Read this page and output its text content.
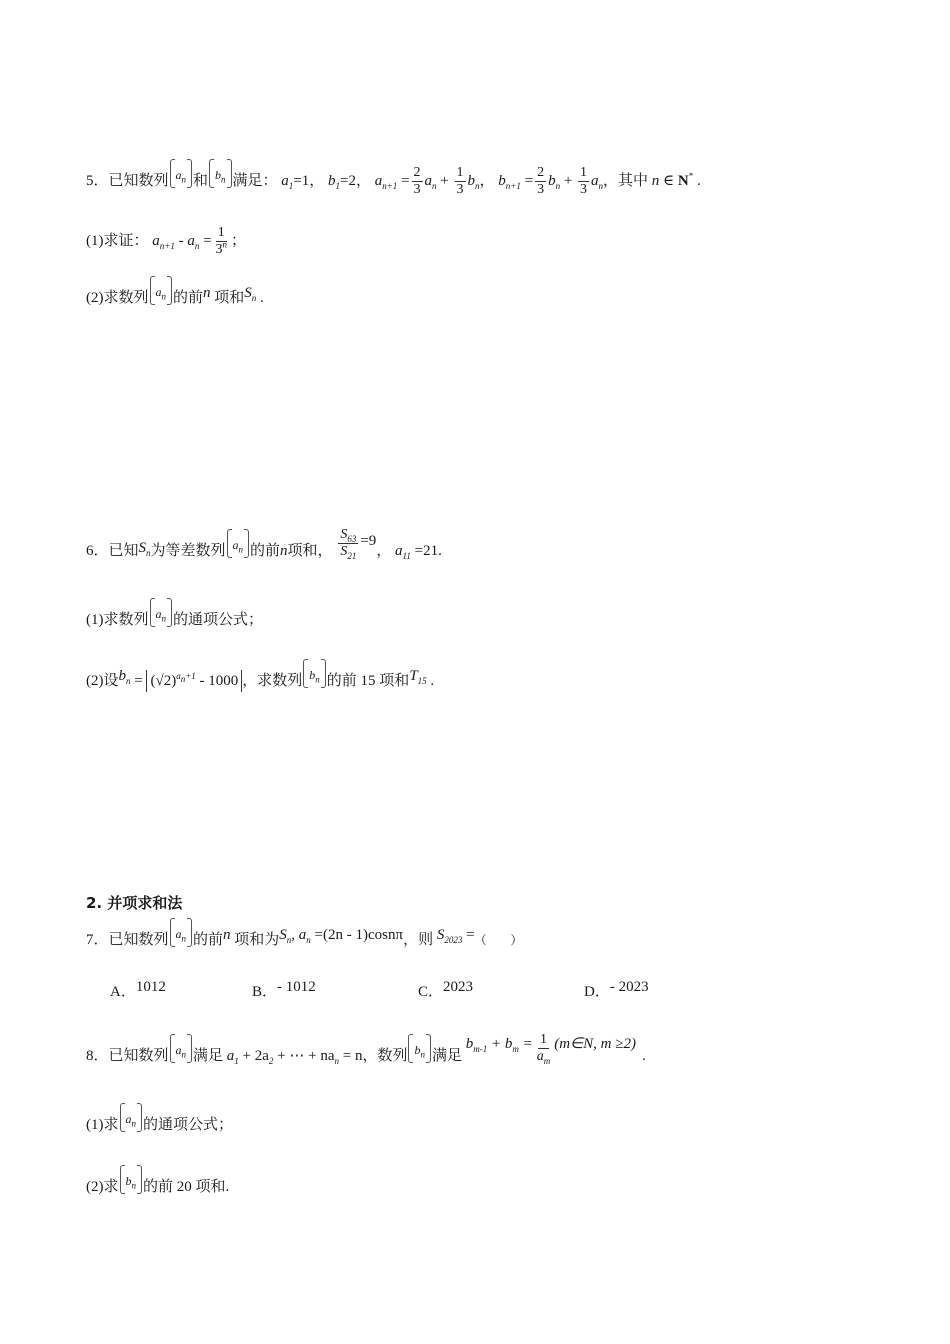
5．已知数列 $a_n$ 和 $b_n$ 满足： $a_1=1$， $b_1=2$， $a_{n+1} = \frac{2}{3} a_n + \frac{1}{3} b_n$， $b_{n+1} = \frac{2}{3} b_n + \frac{1}{3} a_n$，其中 n ∈ N* .
(1)求证： $a_{n+1} - a_n = \frac{1}{3^n}$ ；
(2)求数列 $a_n$ 的前n 项和$S_n$ .
6．已知$S_n$为等差数列 $a_n$ 的前n项和， $\frac{S_{63}}{S_{21}} =9$， $a_{11} =21$.
(1)求数列 $a_n$ 的通项公式；
(2)设$b_n = (√2)^{a_n+1} - 1000$ ，求数列 $b_n$ 的前 15 项和$T_{15}$ .
2. 并项求和法
7．已知数列 $a_n$ 的前n 项和为$S_n$, $a_n =(2n - 1)\cos n\pi$，则 $S_{2023}$ =（　　）
A．1012	B．- 1012	C．2023	D．- 2023
8．已知数列 $a_n$ 满足 $a_1 + 2a_2$ + ⋯ + $na_n = n$，数列 $b_n$ 满足 $b_{m-1} + b_m = \frac{1}{a_m}$ (m∈N, m ≥2).
(1)求 $a_n$ 的通项公式；
(2)求 $b_n$ 的前 20 项和.
